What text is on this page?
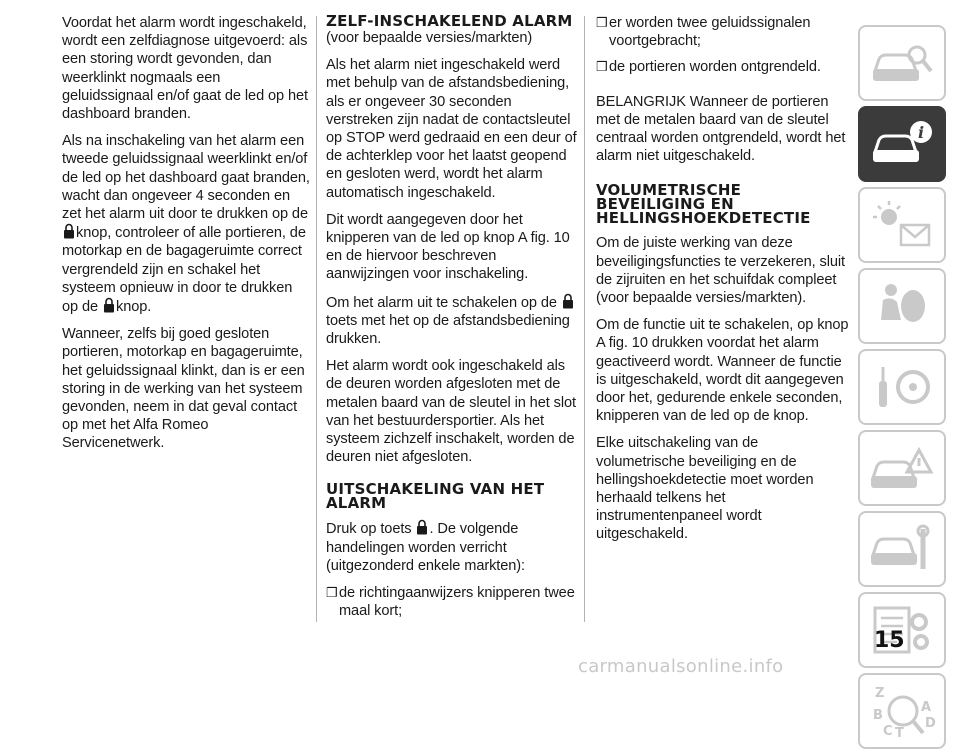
Voordat het alarm wordt ingeschakeld, wordt een zelfdiagnose uitgevoerd: als een storing wordt gevonden, dan weerklinkt nogmaals een geluidssignaal en/of gaat de led op het dashboard branden.

Als na inschakeling van het alarm een tweede geluidssignaal weerklinkt en/of de led op het dashboard gaat branden, wacht dan ongeveer 4 seconden en zet het alarm uit door te drukken op de knop, controleer of alle portieren, de motorkap en de bagageruimte correct vergrendeld zijn en schakel het systeem opnieuw in door te drukken op de knop.

Wanneer, zelfs bij goed gesloten portieren, motorkap en bagageruimte, het geluidssignaal klinkt, dan is er een storing in de werking van het systeem gevonden, neem in dat geval contact op met het Alfa Romeo Servicenetwerk.

ZELF-INSCHAKELEND ALARM
(voor bepaalde versies/markten)

Als het alarm niet ingeschakeld werd met behulp van de afstandsbediening, als er ongeveer 30 seconden verstreken zijn nadat de contactsleutel op STOP werd gedraaid en een deur of de achterklep voor het laatst geopend en gesloten werd, wordt het alarm automatisch ingeschakeld.

Dit wordt aangegeven door het knipperen van de led op knop A fig. 10 en de hiervoor beschreven aanwijzingen voor inschakeling.

Om het alarm uit te schakelen op de toets met het op de afstandsbediening drukken.

Het alarm wordt ook ingeschakeld als de deuren worden afgesloten met de metalen baard van de sleutel in het slot van het bestuurdersportier. Als het systeem zichzelf inschakelt, worden de deuren niet afgesloten.

UITSCHAKELING VAN HET ALARM

Druk op toets . De volgende handelingen worden verricht (uitgezonderd enkele markten):

❒ de richtingaanwijzers knipperen twee maal kort;
❒ er worden twee geluidssignalen voortgebracht;
❒ de portieren worden ontgrendeld.

BELANGRIJK Wanneer de portieren met de metalen baard van de sleutel centraal worden ontgrendeld, wordt het alarm niet uitgeschakeld.

VOLUMETRISCHE BEVEILIGING EN HELLINGSHOEKDETECTIE

Om de juiste werking van deze beveiligingsfuncties te verzekeren, sluit de zijruiten en het schuifdak compleet (voor bepaalde versies/markten).

Om de functie uit te schakelen, op knop A fig. 10 drukken voordat het alarm geactiveerd wordt. Wanneer de functie is uitgeschakeld, wordt dit aangegeven door het, gedurende enkele seconden, knipperen van de led op de knop.

Elke uitschakeling van de volumetrische beveiliging en de hellingshoekdetectie moet worden herhaald telkens het instrumentenpaneel wordt uitgeschakeld.

i
Z
A
B
C T
D
15
carmanualsonline.info
